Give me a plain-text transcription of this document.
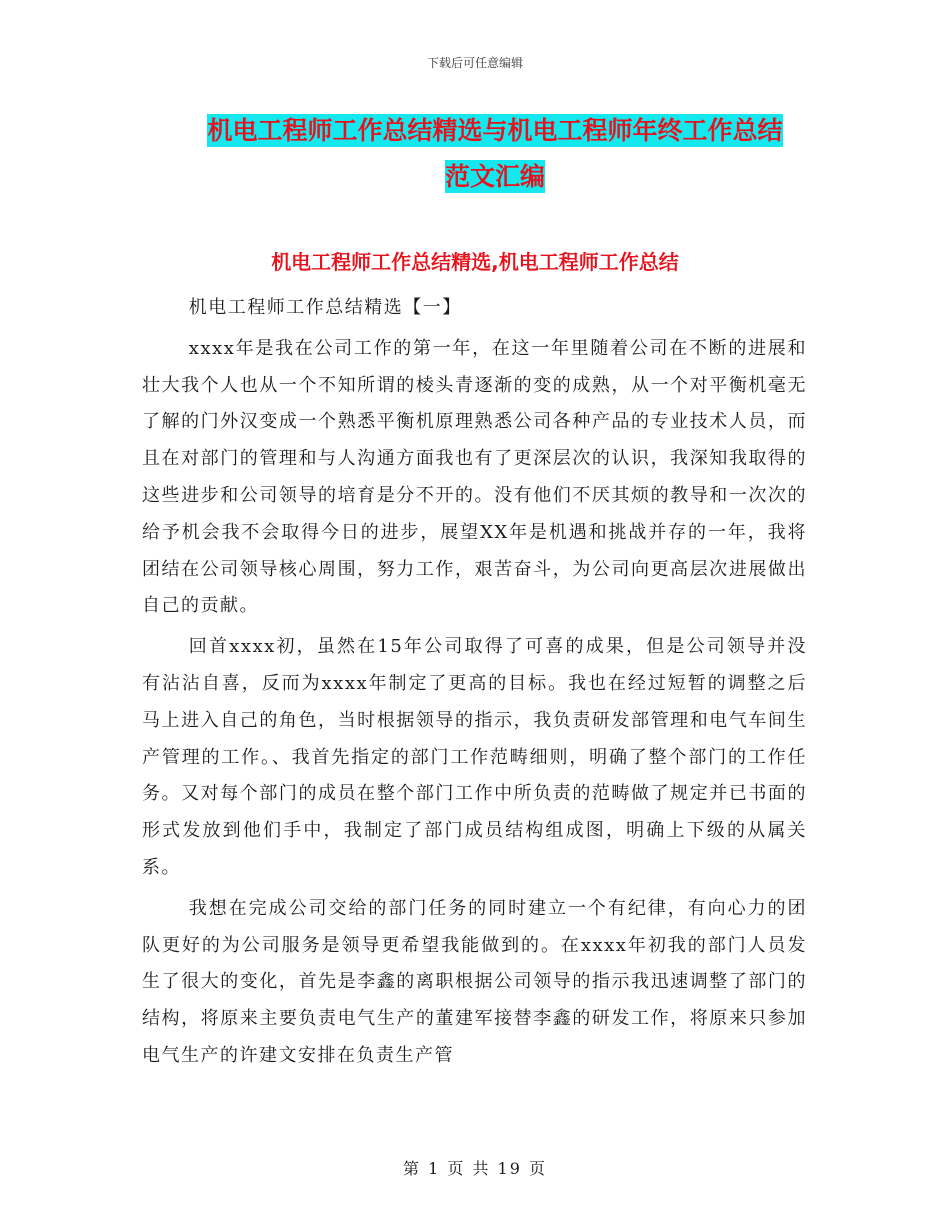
下载后可任意编辑
机电工程师工作总结精选与机电工程师年终工作总结
范文汇编
机电工程师工作总结精选,机电工程师工作总结

机电工程师工作总结精选【一】

xxxx年是我在公司工作的第一年，在这一年里随着公司在不断的进展和壮大我个人也从一个不知所谓的棱头青逐渐的变的成熟，从一个对平衡机毫无了解的门外汉变成一个熟悉平衡机原理熟悉公司各种产品的专业技术人员，而且在对部门的管理和与人沟通方面我也有了更深层次的认识，我深知我取得的这些进步和公司领导的培育是分不开的。没有他们不厌其烦的教导和一次次的给予机会我不会取得今日的进步，展望XX年是机遇和挑战并存的一年，我将团结在公司领导核心周围，努力工作，艰苦奋斗，为公司向更高层次进展做出自己的贡献。

回首xxxx初，虽然在15年公司取得了可喜的成果，但是公司领导并没有沾沾自喜，反而为xxxx年制定了更高的目标。我也在经过短暂的调整之后马上进入自己的角色，当时根据领导的指示，我负责研发部管理和电气车间生产管理的工作。、我首先指定的部门工作范畴细则，明确了整个部门的工作任务。又对每个部门的成员在整个部门工作中所负责的范畴做了规定并已书面的形式发放到他们手中，我制定了部门成员结构组成图，明确上下级的从属关系。

我想在完成公司交给的部门任务的同时建立一个有纪律，有向心力的团队更好的为公司服务是领导更希望我能做到的。在xxxx年初我的部门人员发生了很大的变化，首先是李鑫的离职根据公司领导的指示我迅速调整了部门的结构，将原来主要负责电气生产的董建军接替李鑫的研发工作，将原来只参加电气生产的许建文安排在负责生产管

第 1 页 共 19 页
